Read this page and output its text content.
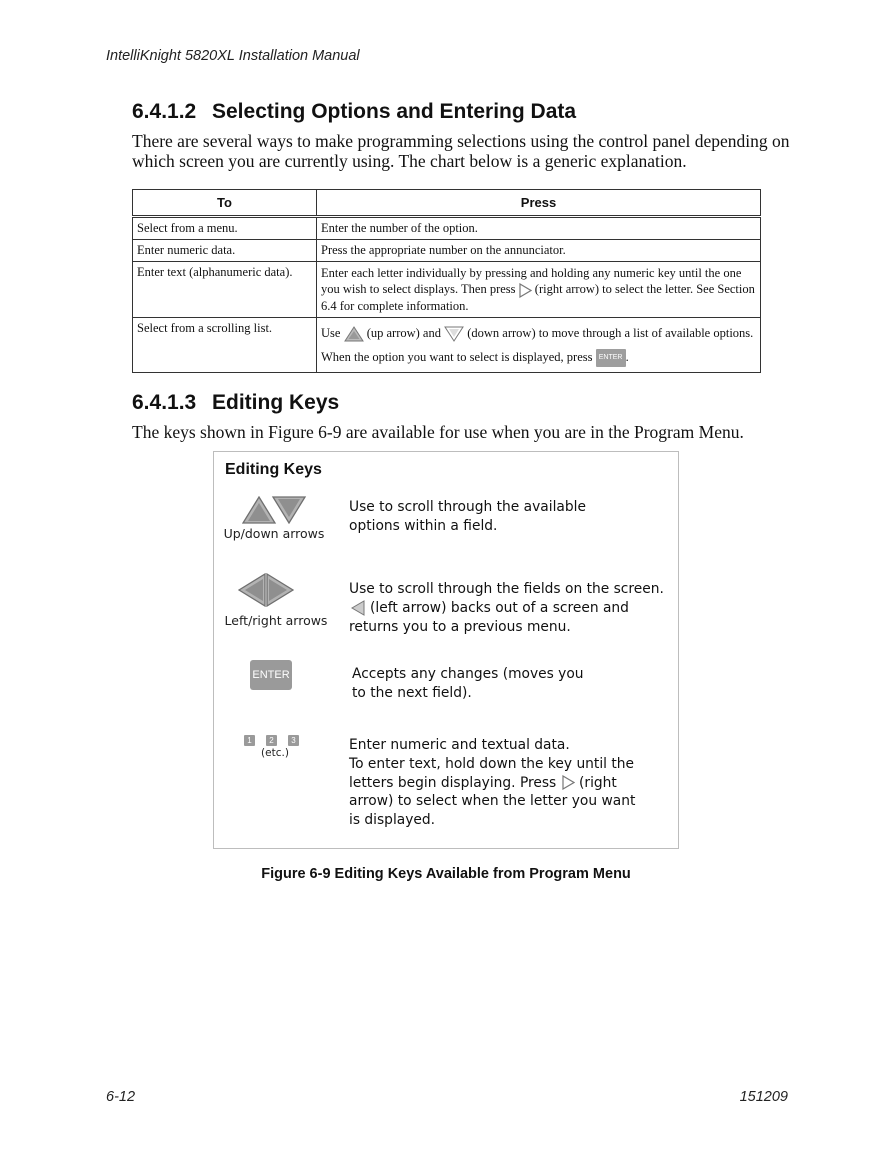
IntelliKnight 5820XL Installation Manual
6.4.1.2 Selecting Options and Entering Data
There are several ways to make programming selections using the control panel depending on which screen you are currently using. The chart below is a generic explanation.
To	Press
Select from a menu.	Enter the number of the option.
Enter numeric data.	Press the appropriate number on the annunciator.
Enter text (alphanumeric data).	Enter each letter individually by pressing and holding any numeric key until the one you wish to select displays. Then press (right arrow) to select the letter. See Section 6.4 for complete information.
Select from a scrolling list.	Use (up arrow) and (down arrow) to move through a list of available options. When the option you want to select is displayed, press ENTER .
6.4.1.3 Editing Keys
The keys shown in Figure 6-9 are available for use when you are in the Program Menu.
Editing Keys
Up/down arrows
Use to scroll through the available
options within a field.
Left/right arrows
Use to scroll through the fields on the screen.
(left arrow) backs out of a screen and
returns you to a previous menu.
ENTER	Accepts any changes (moves you
to the next field).
1	2	3
(etc.)	Enter numeric and textual data.
To enter text, hold down the key until the
letters begin displaying. Press (right
arrow) to select when the letter you want
is displayed.
Figure 6-9 Editing Keys Available from Program Menu
6-12	151209
